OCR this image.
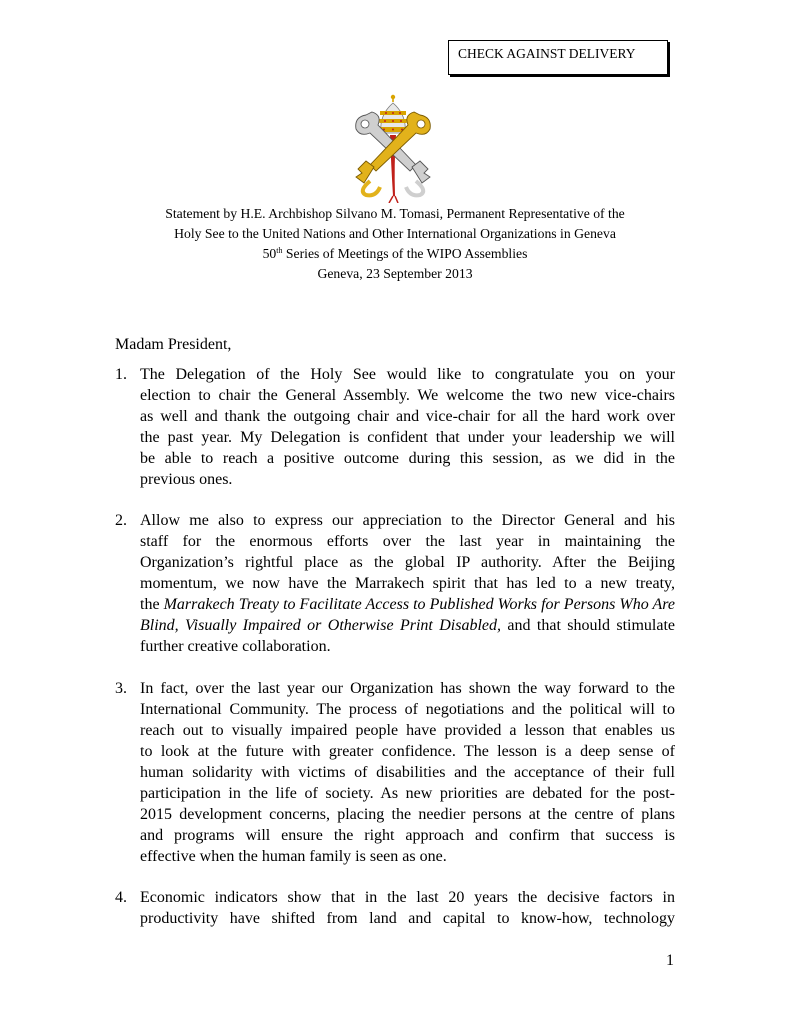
CHECK AGAINST DELIVERY
Statement by H.E. Archbishop Silvano M. Tomasi, Permanent Representative of the
Holy See to the United Nations and Other International Organizations in Geneva
50th Series of Meetings of the WIPO Assemblies
Geneva, 23 September 2013
Madam President,
1. The Delegation of the Holy See would like to congratulate you on your
election to chair the General Assembly. We welcome the two new vice-chairs
as well and thank the outgoing chair and vice-chair for all the hard work over
the past year. My Delegation is confident that under your leadership we will
be able to reach a positive outcome during this session, as we did in the
previous ones.
2. Allow me also to express our appreciation to the Director General and his
staff for the enormous efforts over the last year in maintaining the
Organization’s rightful place as the global IP authority. After the Beijing
momentum, we now have the Marrakech spirit that has led to a new treaty,
the Marrakech Treaty to Facilitate Access to Published Works for Persons Who Are
Blind, Visually Impaired or Otherwise Print Disabled, and that should stimulate
further creative collaboration.
3. In fact, over the last year our Organization has shown the way forward to the
International Community. The process of negotiations and the political will to
reach out to visually impaired people have provided a lesson that enables us
to look at the future with greater confidence. The lesson is a deep sense of
human solidarity with victims of disabilities and the acceptance of their full
participation in the life of society. As new priorities are debated for the post-
2015 development concerns, placing the needier persons at the centre of plans
and programs will ensure the right approach and confirm that success is
effective when the human family is seen as one.
4. Economic indicators show that in the last 20 years the decisive factors in
productivity have shifted from land and capital to know-how, technology
1
